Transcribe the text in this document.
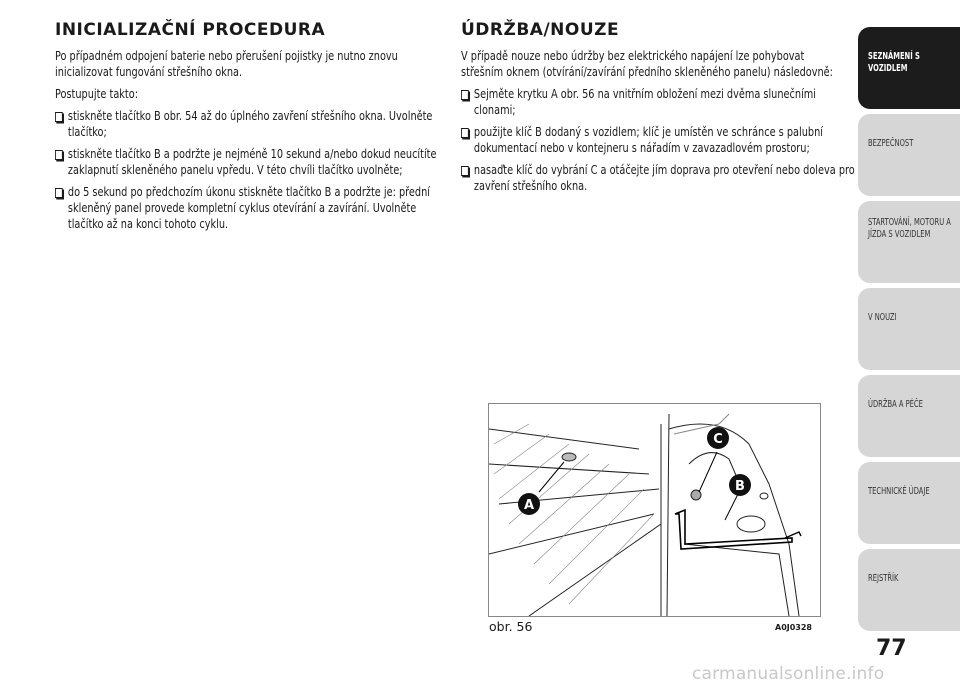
INICIALIZAČNÍ PROCEDURA

Po případném odpojení baterie nebo přerušení pojistky je nutno znovu inicializovat fungování střešního okna.

Postupujte takto:

stiskněte tlačítko B obr. 54 až do úplného zavření střešního okna. Uvolněte tlačítko;
stiskněte tlačítko B a podržte je nejméně 10 sekund a/nebo dokud neucítíte zaklapnutí skleněného panelu vpředu. V této chvíli tlačítko uvolněte;
do 5 sekund po předchozím úkonu stiskněte tlačítko B a podržte je: přední skleněný panel provede kompletní cyklus otevírání a zavírání. Uvolněte tlačítko až na konci tohoto cyklu.
ÚDRŽBA/NOUZE

V případě nouze nebo údržby bez elektrického napájení lze pohybovat střešním oknem (otvírání/zavírání předního skleněného panelu) následovně:

Sejměte krytku A obr. 56 na vnitřním obložení mezi dvěma slunečními clonami;
použijte klíč B dodaný s vozidlem; klíč je umístěn ve schránce s palubní dokumentací nebo v kontejneru s nářadím v zavazadlovém prostoru;
nasaďte klíč do vybrání C a otáčejte jím doprava pro otevření nebo doleva pro zavření střešního okna.
A
C
B
obr. 56	A0J0328
SEZNÁMENÍ S VOZIDLEM
BEZPEČNOST
STARTOVÁNÍ, MOTORU A JÍZDA S VOZIDLEM
V NOUZI
ÚDRŽBA A PÉČE
TECHNICKÉ ÚDAJE
REJSTŘÍK
77
carmanualsonline.info
